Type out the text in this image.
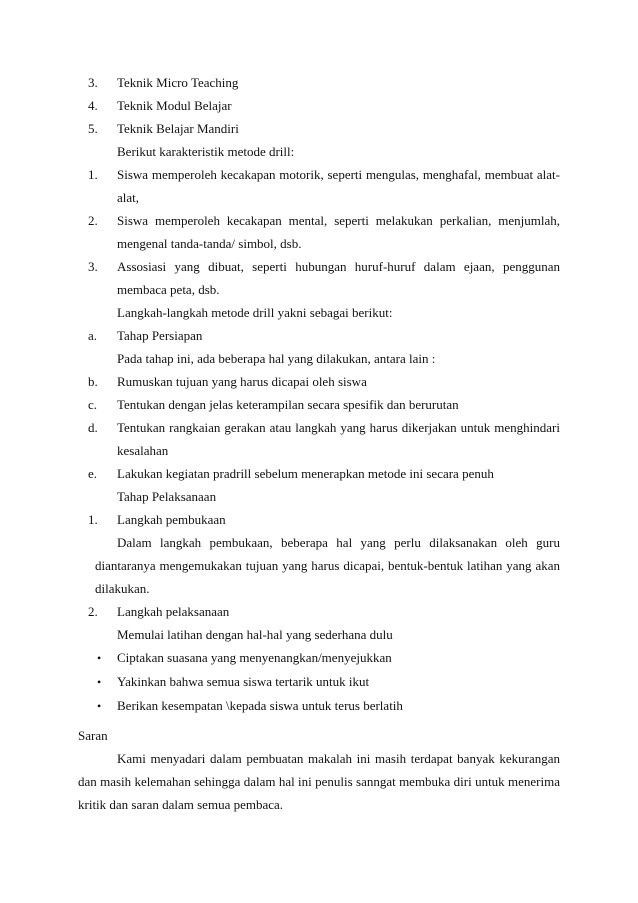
3. Teknik Micro Teaching
4. Teknik Modul Belajar
5. Teknik Belajar Mandiri
Berikut karakteristik metode drill:
1. Siswa memperoleh kecakapan motorik, seperti mengulas, menghafal, membuat alat-
alat,
2. Siswa memperoleh kecakapan mental, seperti melakukan perkalian, menjumlah,
mengenal tanda-tanda/ simbol, dsb.
3. Assosiasi yang dibuat, seperti hubungan huruf-huruf dalam ejaan, penggunan
membaca peta, dsb.
Langkah-langkah metode drill yakni sebagai berikut:
a. Tahap Persiapan
Pada tahap ini, ada beberapa hal yang dilakukan, antara lain :
b. Rumuskan tujuan yang harus dicapai oleh siswa
c. Tentukan dengan jelas keterampilan secara spesifik dan berurutan
d. Tentukan rangkaian gerakan atau langkah yang harus dikerjakan untuk menghindari
kesalahan
e. Lakukan kegiatan pradrill sebelum menerapkan metode ini secara penuh
Tahap Pelaksanaan
1. Langkah pembukaan
Dalam langkah pembukaan, beberapa hal yang perlu dilaksanakan oleh guru
diantaranya mengemukakan tujuan yang harus dicapai, bentuk-bentuk latihan yang akan
dilakukan.
2. Langkah pelaksanaan
Memulai latihan dengan hal-hal yang sederhana dulu
• Ciptakan suasana yang menyenangkan/menyejukkan
• Yakinkan bahwa semua siswa tertarik untuk ikut
• Berikan kesempatan \kepada siswa untuk terus berlatih
Saran
Kami menyadari dalam pembuatan makalah ini masih terdapat banyak kekurangan
dan masih kelemahan sehingga dalam hal ini penulis sanngat membuka diri untuk menerima
kritik dan saran dalam semua pembaca.
